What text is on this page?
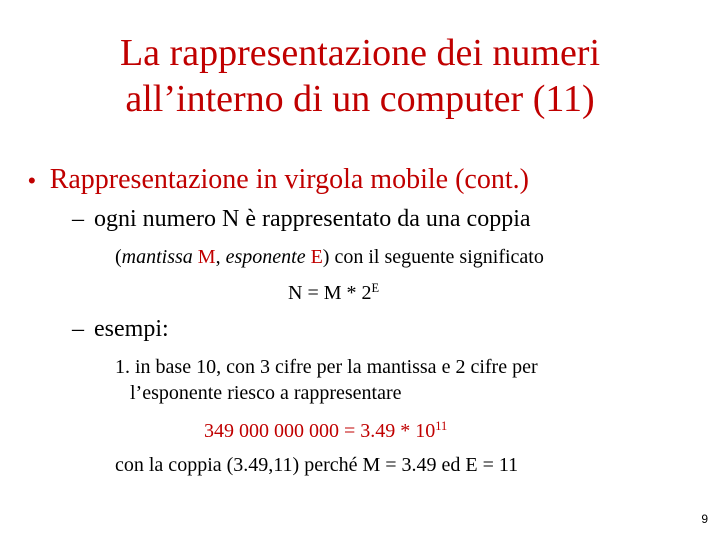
La rappresentazione dei numeri
all’interno di un computer (11)
• Rappresentazione in virgola mobile (cont.)
– ogni numero N è rappresentato da una coppia
(mantissa M, esponente E) con il seguente significato
$N = M * 2^E$
– esempi:
1. in base 10, con 3 cifre per la mantissa e 2 cifre per
l’esponente riesco a rappresentare
349 000 000 $000 = 3.49 * 10^{11}$
con la coppia (3.49,11) perché M = 3.49 ed E = 11
9
